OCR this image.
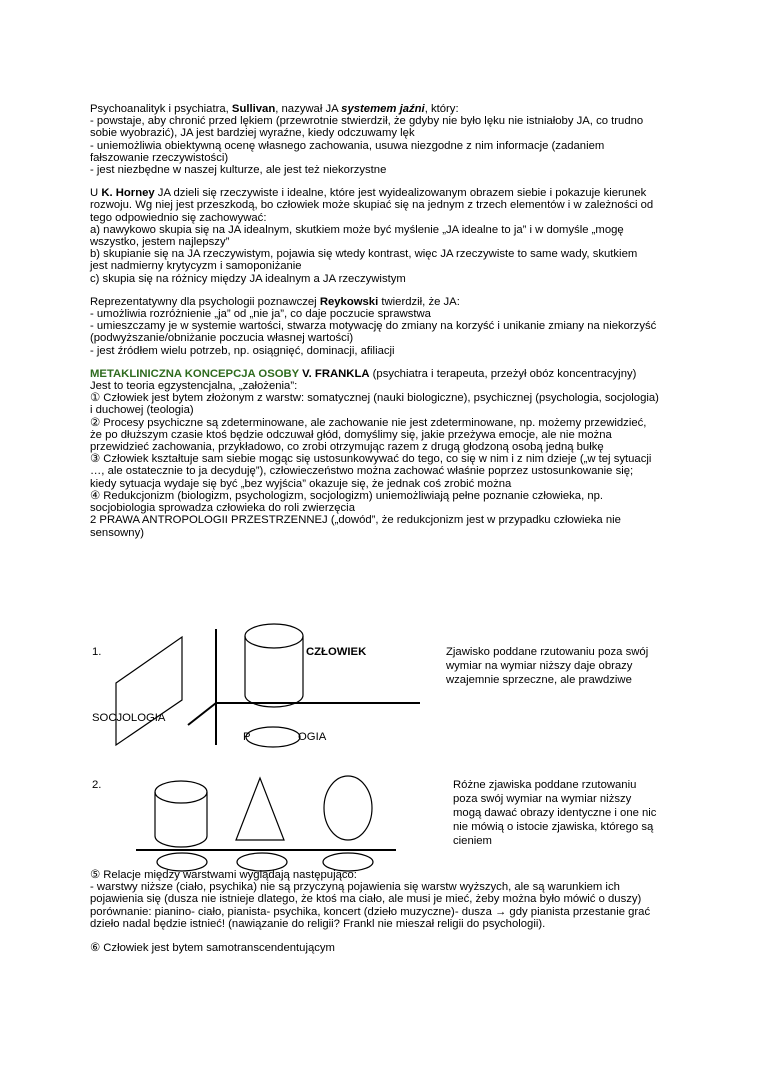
Psychoanalityk i psychiatra, Sullivan, nazywał JA systemem jaźni, który:
- powstaje, aby chronić przed lękiem (przewrotnie stwierdził, że gdyby nie było lęku nie istniałoby JA, co trudno
sobie wyobrazić), JA jest bardziej wyraźne, kiedy odczuwamy lęk
- uniemożliwia obiektywną ocenę własnego zachowania, usuwa niezgodne z nim informacje (zadaniem
fałszowanie rzeczywistości)
- jest niezbędne w naszej kulturze, ale jest też niekorzystne
U K. Horney JA dzieli się rzeczywiste i idealne, które jest wyidealizowanym obrazem siebie i pokazuje kierunek
rozwoju. Wg niej jest przeszkodą, bo człowiek może skupiać się na jednym z trzech elementów i w zależności od
tego odpowiednio się zachowywać:
a) nawykowo skupia się na JA idealnym, skutkiem może być myślenie „JA idealne to ja” i w domyśle „mogę
wszystko, jestem najlepszy”
b) skupianie się na JA rzeczywistym, pojawia się wtedy kontrast, więc JA rzeczywiste to same wady, skutkiem
jest nadmierny krytycyzm i samoponiżanie
c) skupia się na różnicy między JA idealnym a JA rzeczywistym
Reprezentatywny dla psychologii poznawczej Reykowski twierdził, że JA:
- umożliwia rozróżnienie „ja” od „nie ja”, co daje poczucie sprawstwa
- umieszczamy je w systemie wartości, stwarza motywację do zmiany na korzyść i unikanie zmiany na niekorzyść
(podwyższanie/obniżanie poczucia własnej wartości)
- jest źródłem wielu potrzeb, np. osiągnięć, dominacji, afiliacji
METAKLINICZNA KONCEPCJA OSOBY V. FRANKLA (psychiatra i terapeuta, przeżył obóz koncentracyjny)
Jest to teoria egzystencjalna, „założenia”:
① Człowiek jest bytem złożonym z warstw: somatycznej (nauki biologiczne), psychicznej (psychologia, socjologia)
i duchowej (teologia)
② Procesy psychiczne są zdeterminowane, ale zachowanie nie jest zdeterminowane, np. możemy przewidzieć,
że po dłuższym czasie ktoś będzie odczuwał głód, domyślimy się, jakie przeżywa emocje, ale nie można
przewidzieć zachowania, przykładowo, co zrobi otrzymując razem z drugą głodzoną osobą jedną bułkę
③ Człowiek kształtuje sam siebie mogąc się ustosunkowywać do tego, co się w nim i z nim dzieje („w tej sytuacji
…, ale ostatecznie to ja decyduję”), człowieczeństwo można zachować właśnie poprzez ustosunkowanie się;
kiedy sytuacja wydaje się być „bez wyjścia” okazuje się, że jednak coś zrobić można
④ Redukcjonizm (biologizm, psychologizm, socjologizm) uniemożliwiają pełne poznanie człowieka, np.
socjobiologia sprowadza człowieka do roli zwierzęcia
2 PRAWA ANTROPOLOGII PRZESTRZENNEJ („dowód”, że redukcjonizm jest w przypadku człowieka nie
sensowny)
1.	CZŁOWIEK
SOCJOLOGIA
P	OGIA
Zjawisko poddane rzutowaniu poza swój
wymiar na wymiar niższy daje obrazy
wzajemnie sprzeczne, ale prawdziwe
2.	Różne zjawiska poddane rzutowaniu
poza swój wymiar na wymiar niższy
mogą dawać obrazy identyczne i one nic
nie mówią o istocie zjawiska, którego są
cieniem
⑤ Relacje między warstwami wyglądają następująco:
- warstwy niższe (ciało, psychika) nie są przyczyną pojawienia się warstw wyższych, ale są warunkiem ich
pojawienia się (dusza nie istnieje dlatego, że ktoś ma ciało, ale musi je mieć, żeby można było mówić o duszy)
porównanie: pianino- ciało, pianista- psychika, koncert (dzieło muzyczne)- dusza → gdy pianista przestanie grać
dzieło nadal będzie istnieć! (nawiązanie do religii? Frankl nie mieszał religii do psychologii).
⑥ Człowiek jest bytem samotranscendentującym
